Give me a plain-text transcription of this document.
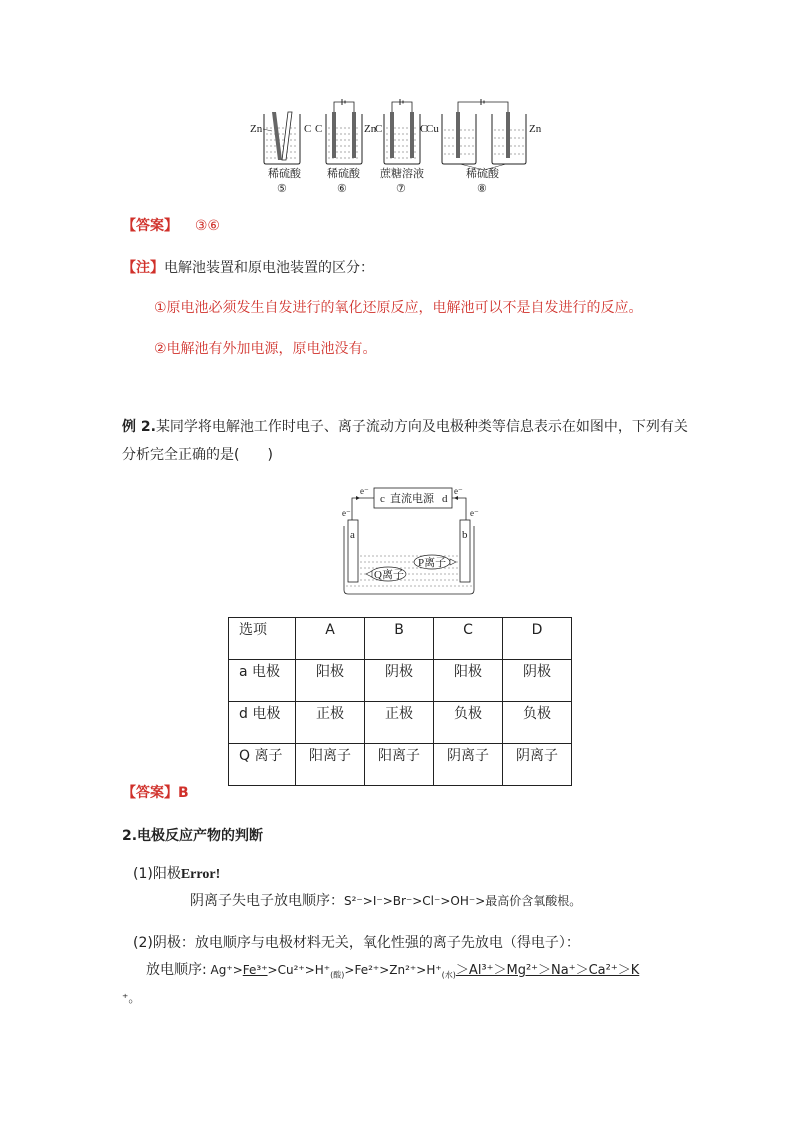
Zn	C C	Zn
C	C
Cu	Zn
稀硫酸
⑤
稀硫酸
⑥
蔗糖溶液
⑦
稀硫酸
⑧
【答案】 ③⑥
【注】电解池装置和原电池装置的区分：
①原电池必须发生自发进行的氧化还原反应，电解池可以不是自发进行的反应。
②电解池有外加电源，原电池没有。
例 2.某同学将电解池工作时电子、离子流动方向及电极种类等信息表示在如图中，下列有关
分析完全正确的是(　　)
c 直流电源 d
e⁻	e⁻
e⁻	e⁻
a	b
Q离子
P离子
选项	A	B	C	D
a 电极	阳极	阴极	阳极	阴极
d 电极	正极	正极	负极	负极
Q 离子	阳离子	阳离子	阴离子	阴离子
【答案】B
2.电极反应产物的判断
(1)阳极Error!
阴离子失电子放电顺序：S²⁻>I⁻>Br⁻>Cl⁻>OH⁻>最高价含氧酸根。
(2)阴极：放电顺序与电极材料无关，氧化性强的离子先放电（得电子）：
放电顺序: $Ag^+>Fe^{3+}>Cu^{2+}>H^+_{(酸)}>Fe^{2+}>Zn^{2+}>H^+_{(水)}>Al^{3+}>Mg^{2+}>Na^+>Ca^{2+}>K$
⁺。
